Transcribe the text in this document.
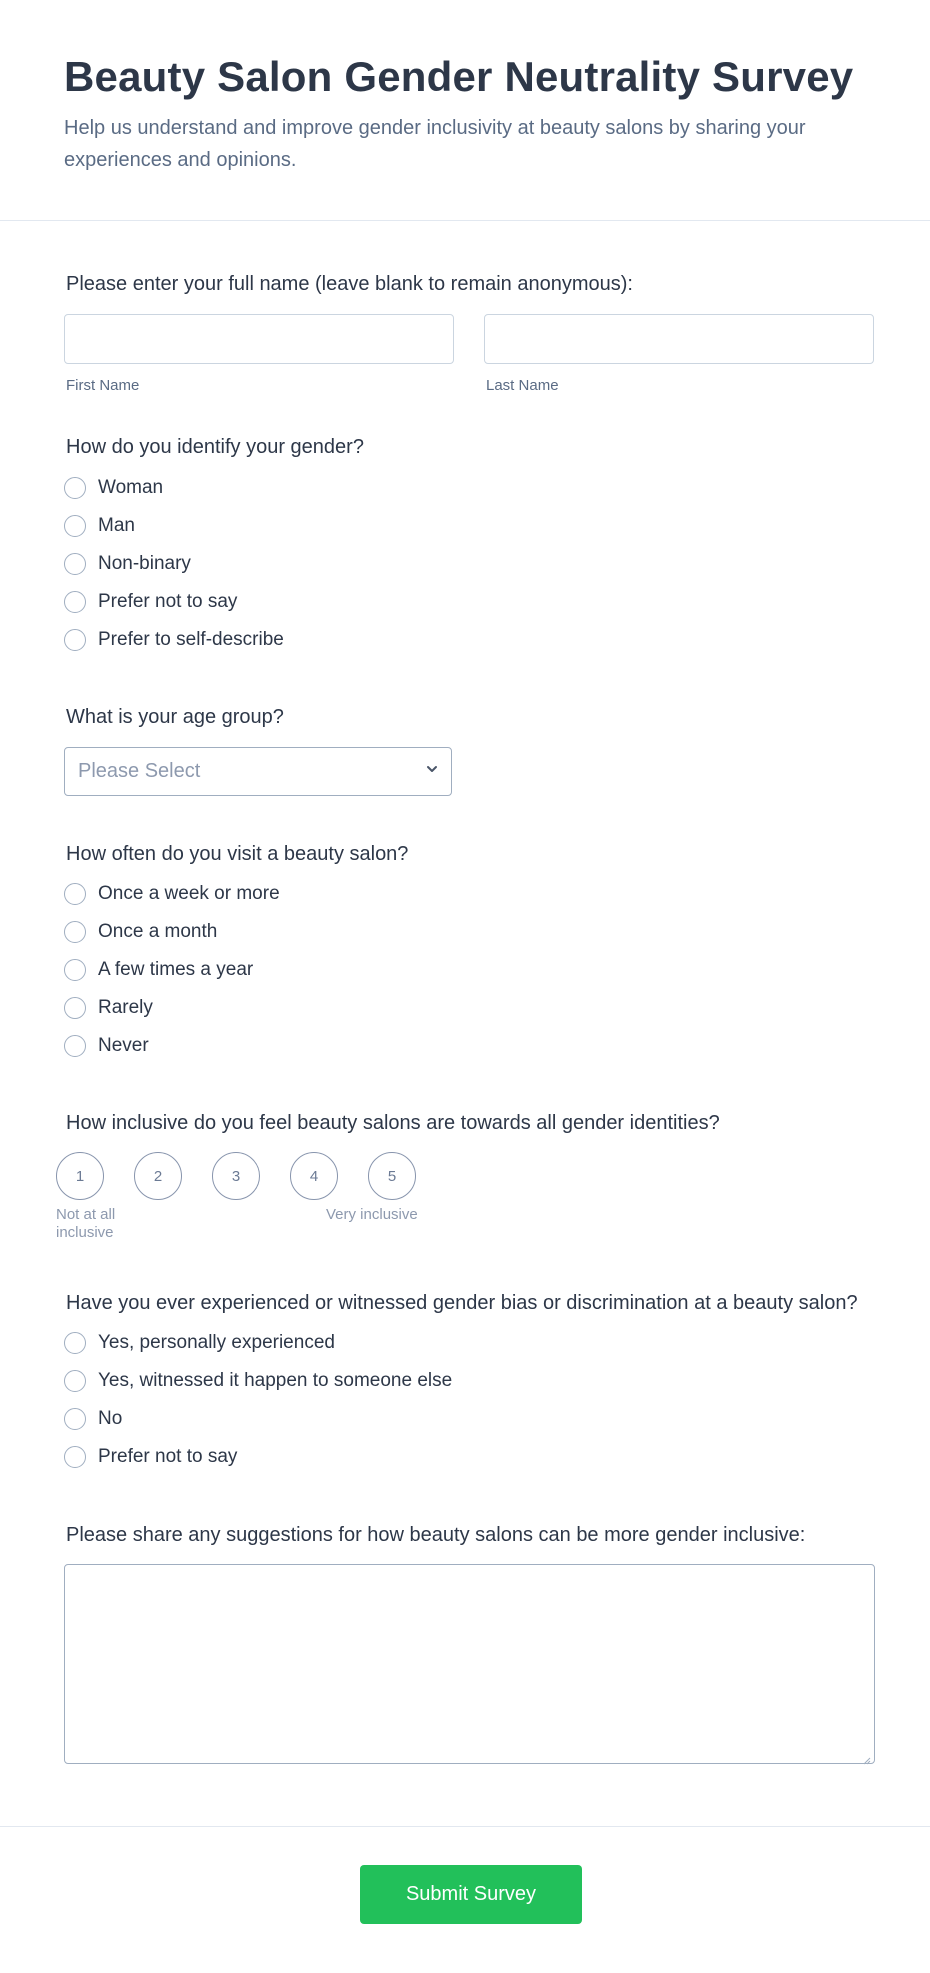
Beauty Salon Gender Neutrality Survey
Help us understand and improve gender inclusivity at beauty salons by sharing your experiences and opinions.
Please enter your full name (leave blank to remain anonymous):
First Name	Last Name
How do you identify your gender?
Woman
Man
Non-binary
Prefer not to say
Prefer to self-describe
What is your age group?
Please Select
How often do you visit a beauty salon?
Once a week or more
Once a month
A few times a year
Rarely
Never
How inclusive do you feel beauty salons are towards all gender identities?
1	2	3	4	5
Not at all inclusive
Very inclusive
Have you ever experienced or witnessed gender bias or discrimination at a beauty salon?
Yes, personally experienced
Yes, witnessed it happen to someone else
No
Prefer not to say
Please share any suggestions for how beauty salons can be more gender inclusive:
Submit Survey
